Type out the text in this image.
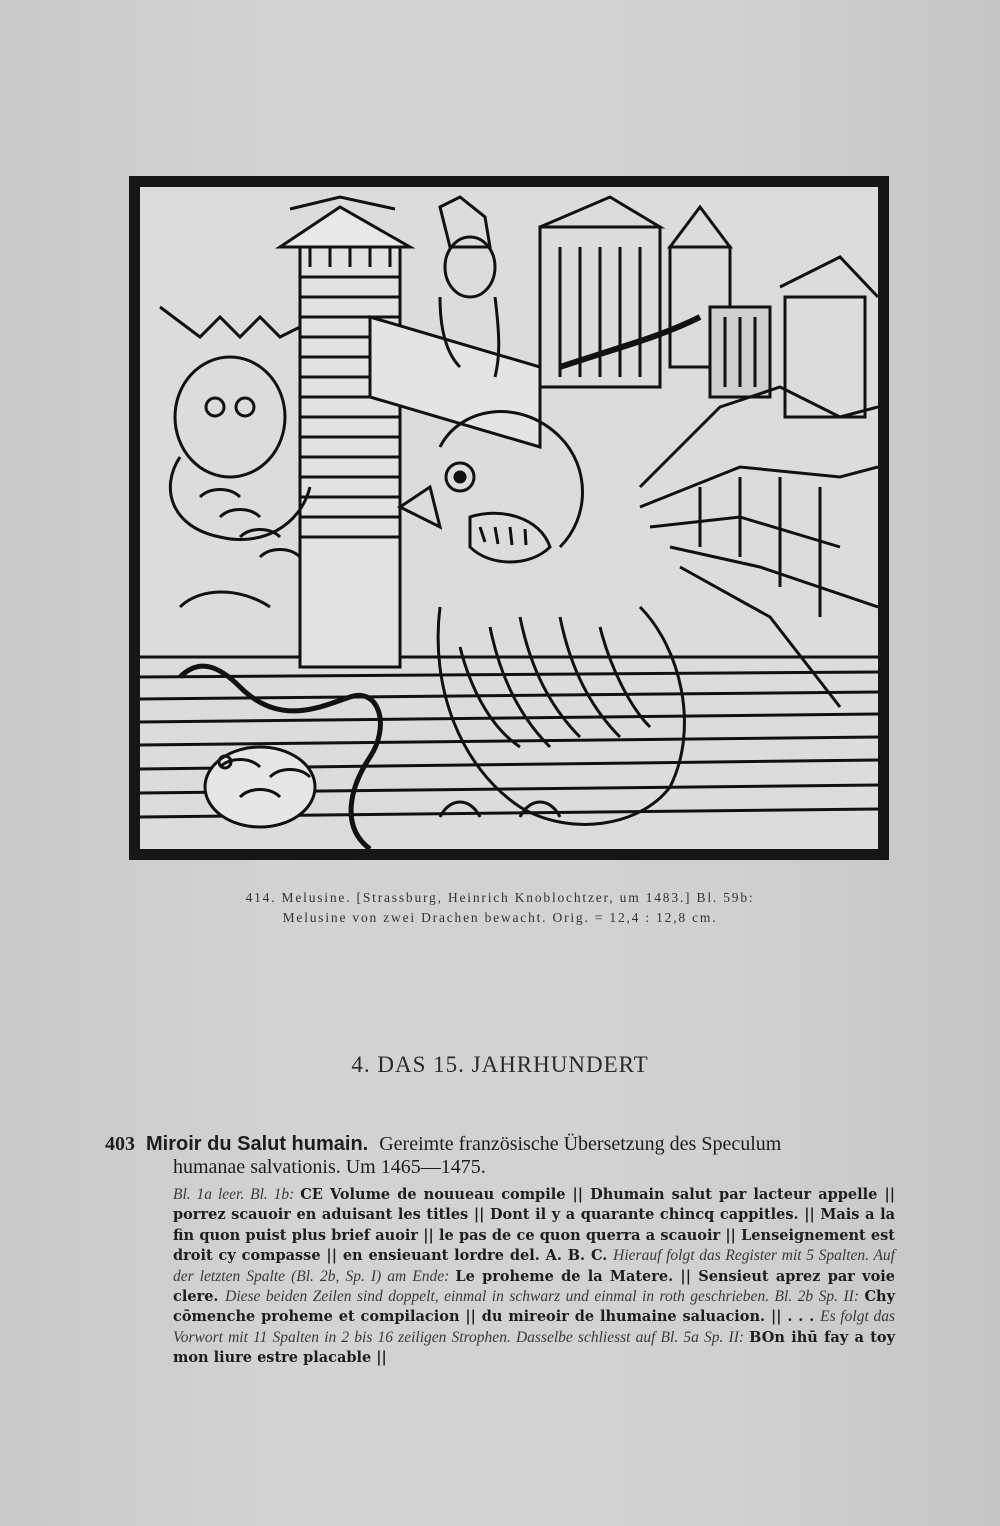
414. Melusine. [Strassburg, Heinrich Knoblochtzer, um 1483.] Bl. 59b:
Melusine von zwei Drachen bewacht. Orig. = 12,4 : 12,8 cm.
4. DAS 15. JAHRHUNDERT
403 Miroir du Salut humain. Gereimte französische Übersetzung des Speculum
humanae salvationis. Um 1465—1475.
Bl. 1a leer. Bl. 1b: CE Volume de nouueau compile || Dhumain salut par lacteur appelle || porrez scauoir en aduisant les titles || Dont il y a quarante chincq cappitles. || Mais a la fin quon puist plus brief auoir || le pas de ce quon querra a scauoir || Lenseignement est droit cy compasse || en ensieuant lordre del. A. B. C. Hierauf folgt das Register mit 5 Spalten. Auf der letzten Spalte (Bl. 2b, Sp. I) am Ende: Le proheme de la Matere. || Sensieut aprez par voie clere. Diese beiden Zeilen sind doppelt, einmal in schwarz und einmal in roth geschrieben. Bl. 2b Sp. II: Chy cōmenche proheme et compilacion || du mireoir de lhumaine saluacion. || . . . Es folgt das Vorwort mit 11 Spalten in 2 bis 16 zeiligen Strophen. Dasselbe schliesst auf Bl. 5a Sp. II: BOn ihū fay a toy mon liure estre placable ||
